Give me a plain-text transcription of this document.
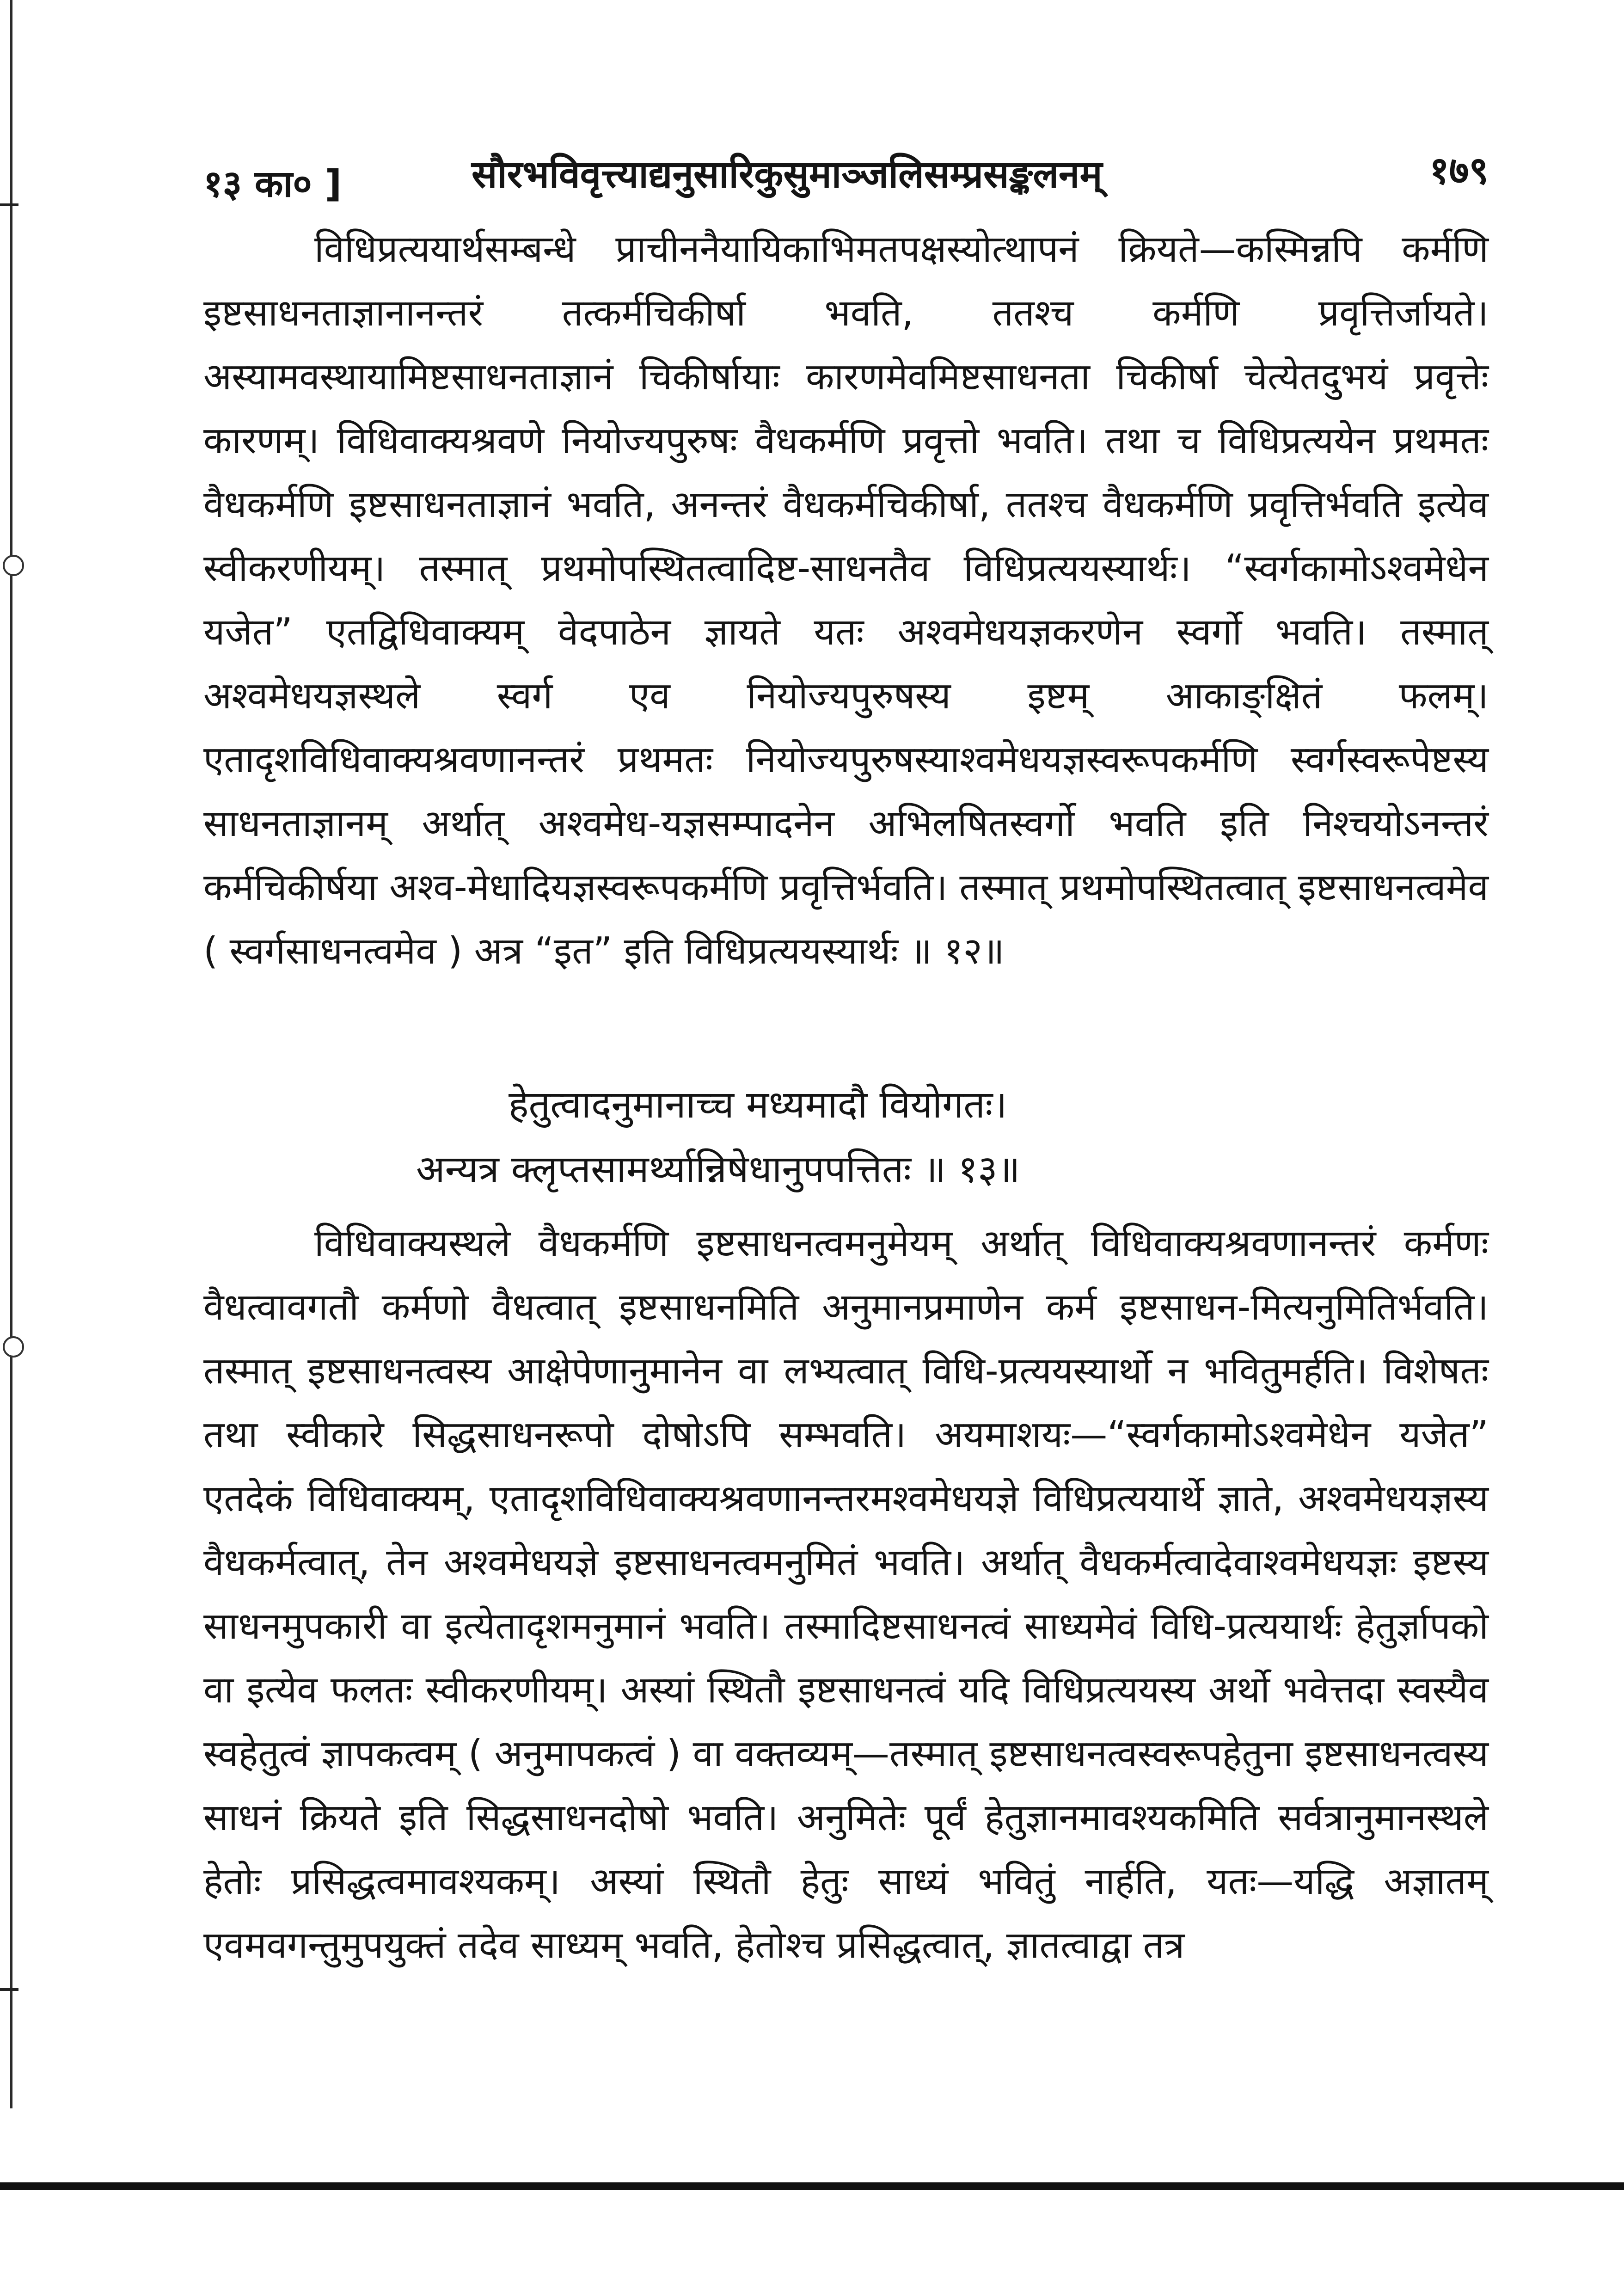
१३ का० ]	सौरभविवृत्त्याद्यनुसारिकुसुमाञ्जलिसम्प्रसङ्कलनम्	१७९

विधिप्रत्ययार्थसम्बन्धे प्राचीननैयायिकाभिमतपक्षस्योत्थापनं क्रियते—कस्मिन्नपि कर्मणि इष्टसाधनताज्ञानानन्तरं तत्कर्मचिकीर्षा भवति, ततश्च कर्मणि प्रवृत्तिर्जायते। अस्यामवस्थायामिष्टसाधनताज्ञानं चिकीर्षायाः कारणमेवमिष्टसाधनता चिकीर्षा चेत्येतदुभयं प्रवृत्तेः कारणम्। विधिवाक्यश्रवणे नियोज्यपुरुषः वैधकर्मणि प्रवृत्तो भवति। तथा च विधिप्रत्ययेन प्रथमतः वैधकर्मणि इष्टसाधनताज्ञानं भवति, अनन्तरं वैधकर्मचिकीर्षा, ततश्च वैधकर्मणि प्रवृत्तिर्भवति इत्येव स्वीकरणीयम्। तस्मात् प्रथमोपस्थितत्वादिष्ट-साधनतैव विधिप्रत्ययस्यार्थः। “स्वर्गकामोऽश्वमेधेन यजेत” एतद्विधिवाक्यम् वेदपाठेन ज्ञायते यतः अश्वमेधयज्ञकरणेन स्वर्गो भवति। तस्मात् अश्वमेधयज्ञस्थले स्वर्ग एव नियोज्यपुरुषस्य इष्टम् आकाङ्क्षितं फलम्। एतादृशविधिवाक्यश्रवणानन्तरं प्रथमतः नियोज्यपुरुषस्याश्वमेधयज्ञस्वरूपकर्मणि स्वर्गस्वरूपेष्टस्य साधनताज्ञानम् अर्थात् अश्वमेध-यज्ञसम्पादनेन अभिलषितस्वर्गो भवति इति निश्चयोऽनन्तरं कर्मचिकीर्षया अश्व-मेधादियज्ञस्वरूपकर्मणि प्रवृत्तिर्भवति। तस्मात् प्रथमोपस्थितत्वात् इष्टसाधनत्वमेव ( स्वर्गसाधनत्वमेव ) अत्र “इत” इति विधिप्रत्ययस्यार्थः ॥ १२॥

हेतुत्वादनुमानाच्च मध्यमादौ वियोगतः।
अन्यत्र क्लृप्तसामर्थ्यान्निषेधानुपपत्तितः ॥ १३॥

विधिवाक्यस्थले वैधकर्मणि इष्टसाधनत्वमनुमेयम् अर्थात् विधिवाक्यश्रवणानन्तरं कर्मणः वैधत्वावगतौ कर्मणो वैधत्वात् इष्टसाधनमिति अनुमानप्रमाणेन कर्म इष्टसाधन-मित्यनुमितिर्भवति। तस्मात् इष्टसाधनत्वस्य आक्षेपेणानुमानेन वा लभ्यत्वात् विधि-प्रत्ययस्यार्थो न भवितुमर्हति। विशेषतः तथा स्वीकारे सिद्धसाधनरूपो दोषोऽपि सम्भवति। अयमाशयः—“स्वर्गकामोऽश्वमेधेन यजेत” एतदेकं विधिवाक्यम्, एतादृशविधिवाक्यश्रवणानन्तरमश्वमेधयज्ञे विधिप्रत्ययार्थे ज्ञाते, अश्वमेधयज्ञस्य वैधकर्मत्वात्, तेन अश्वमेधयज्ञे इष्टसाधनत्वमनुमितं भवति। अर्थात् वैधकर्मत्वादेवाश्वमेधयज्ञः इष्टस्य साधनमुपकारी वा इत्येतादृशमनुमानं भवति। तस्मादिष्टसाधनत्वं साध्यमेवं विधि-प्रत्ययार्थः हेतुर्ज्ञापको वा इत्येव फलतः स्वीकरणीयम्। अस्यां स्थितौ इष्टसाधनत्वं यदि विधिप्रत्ययस्य अर्थो भवेत्तदा स्वस्यैव स्वहेतुत्वं ज्ञापकत्वम् ( अनुमापकत्वं ) वा वक्तव्यम्—तस्मात् इष्टसाधनत्वस्वरूपहेतुना इष्टसाधनत्वस्य साधनं क्रियते इति सिद्धसाधनदोषो भवति। अनुमितेः पूर्वं हेतुज्ञानमावश्यकमिति सर्वत्रानुमानस्थले हेतोः प्रसिद्धत्वमावश्यकम्। अस्यां स्थितौ हेतुः साध्यं भवितुं नार्हति, यतः—यद्धि अज्ञातम् एवमवगन्तुमुपयुक्तं तदेव साध्यम् भवति, हेतोश्च प्रसिद्धत्वात्, ज्ञातत्वाद्वा तत्र
